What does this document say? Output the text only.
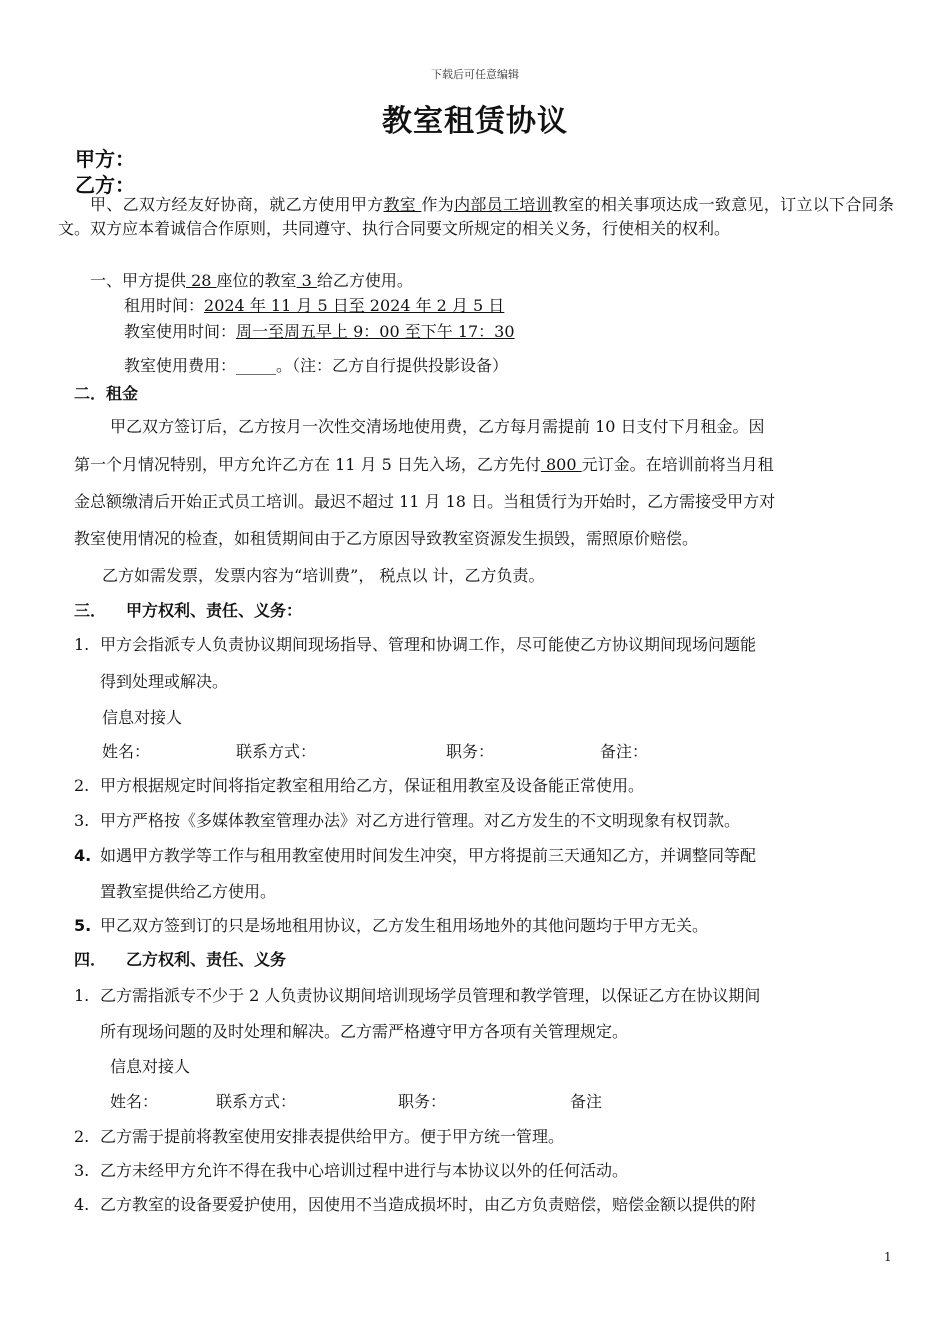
下载后可任意编辑
教室租赁协议
甲方：
乙方：
甲、乙双方经友好协商，就乙方使用甲方教室 作为内部员工培训教室的相关事项达成一致意见，订立以下合同条文。双方应本着诚信合作原则，共同遵守、执行合同要文所规定的相关义务，行使相关的权利。
一、甲方提供 28 座位的教室 3 给乙方使用。
租用时间：2024 年 11 月 5 日至 2024 年 2 月 5 日
教室使用时间：周一至周五早上 9：00 至下午 17：30
教室使用费用：_____。（注：乙方自行提供投影设备）
二．租金
甲乙双方签订后，乙方按月一次性交清场地使用费，乙方每月需提前 10 日支付下月租金。因
第一个月情况特别，甲方允许乙方在 11 月 5 日先入场，乙方先付 800 元订金。在培训前将当月租
金总额缴清后开始正式员工培训。最迟不超过 11 月 18 日。当租赁行为开始时，乙方需接受甲方对
教室使用情况的检查，如租赁期间由于乙方原因导致教室资源发生损毁，需照原价赔偿。
乙方如需发票，发票内容为“培训费”， 税点以 计，乙方负责。
三． 甲方权利、责任、义务：
1. 甲方会指派专人负责协议期间现场指导、管理和协调工作，尽可能使乙方协议期间现场问题能
得到处理或解决。
信息对接人
姓名：	联系方式：	职务：	备注：
2. 甲方根据规定时间将指定教室租用给乙方，保证租用教室及设备能正常使用。
3. 甲方严格按《多媒体教室管理办法》对乙方进行管理。对乙方发生的不文明现象有权罚款。
4. 如遇甲方教学等工作与租用教室使用时间发生冲突，甲方将提前三天通知乙方，并调整同等配
置教室提供给乙方使用。
5. 甲乙双方签到订的只是场地租用协议，乙方发生租用场地外的其他问题均于甲方无关。
四． 乙方权利、责任、义务
1. 乙方需指派专不少于 2 人负责协议期间培训现场学员管理和教学管理，以保证乙方在协议期间
所有现场问题的及时处理和解决。乙方需严格遵守甲方各项有关管理规定。
信息对接人
姓名：	联系方式：	职务：	备注
2. 乙方需于提前将教室使用安排表提供给甲方。便于甲方统一管理。
3. 乙方未经甲方允许不得在我中心培训过程中进行与本协议以外的任何活动。
4. 乙方教室的设备要爱护使用，因使用不当造成损坏时，由乙方负责赔偿，赔偿金额以提供的附
1
